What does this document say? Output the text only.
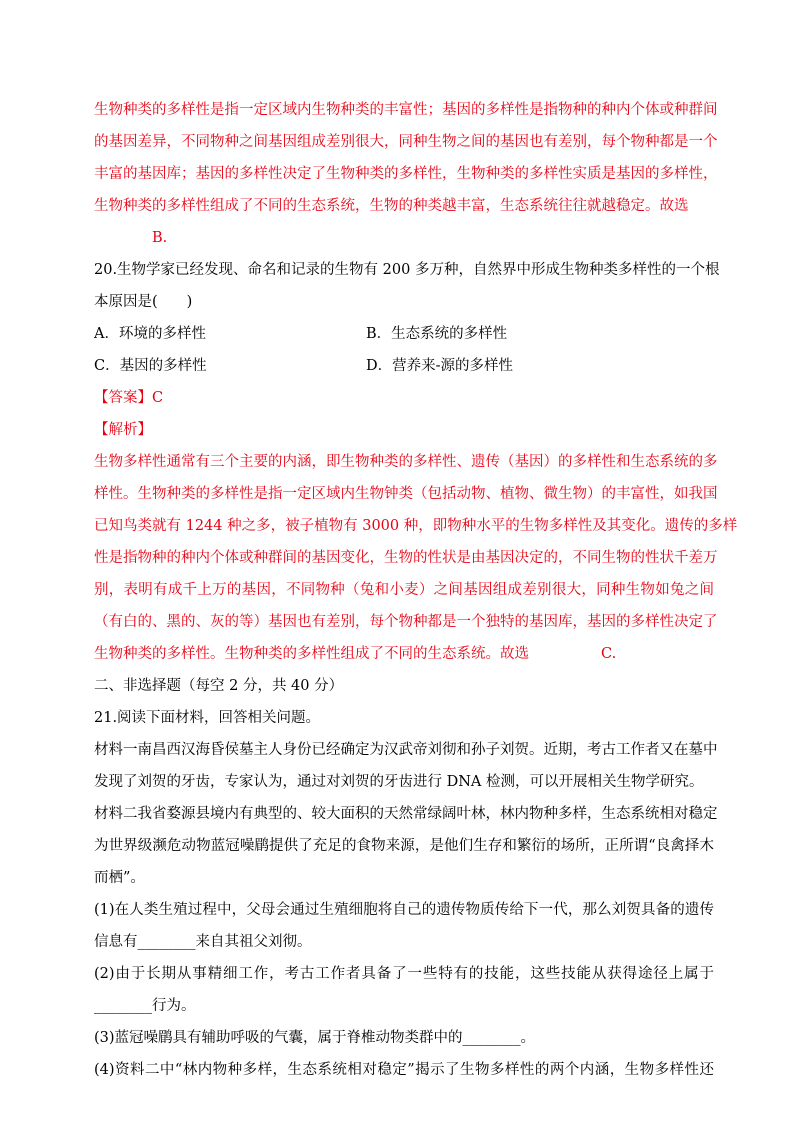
生物种类的多样性是指一定区域内生物种类的丰富性；基因的多样性是指物种的种内个体或种群间
的基因差异，不同物种之间基因组成差别很大，同种生物之间的基因也有差别，每个物种都是一个
丰富的基因库；基因的多样性决定了生物种类的多样性，生物种类的多样性实质是基因的多样性，
生物种类的多样性组成了不同的生态系统，生物的种类越丰富，生态系统往往就越稳定。故选
B.
20.生物学家已经发现、命名和记录的生物有 200 多万种，自然界中形成生物种类多样性的一个根
本原因是(　　)
A．环境的多样性	B．生态系统的多样性
C．基因的多样性	D．营养来-源的多样性
【答案】C
【解析】
生物多样性通常有三个主要的内涵，即生物种类的多样性、遗传（基因）的多样性和生态系统的多
样性。生物种类的多样性是指一定区域内生物钟类（包括动物、植物、微生物）的丰富性，如我国
已知鸟类就有 1244 种之多，被子植物有 3000 种，即物种水平的生物多样性及其变化。遗传的多样
性是指物种的种内个体或种群间的基因变化，生物的性状是由基因决定的，不同生物的性状千差万
别，表明有成千上万的基因，不同物种（兔和小麦）之间基因组成差别很大，同种生物如兔之间
（有白的、黑的、灰的等）基因也有差别，每个物种都是一个独特的基因库，基因的多样性决定了
生物种类的多样性。生物种类的多样性组成了不同的生态系统。故选	C.
二、非选择题（每空 2 分，共 40 分）
21.阅读下面材料，回答相关问题。
材料一南昌西汉海昏侯墓主人身份已经确定为汉武帝刘彻和孙子刘贺。近期，考古工作者又在墓中
发现了刘贺的牙齿，专家认为，通过对刘贺的牙齿进行 DNA 检测，可以开展相关生物学研究。
材料二我省婺源县境内有典型的、较大面积的天然常绿阔叶林，林内物种多样，生态系统相对稳定
为世界级濒危动物蓝冠噪鹛提供了充足的食物来源，是他们生存和繁衍的场所，正所谓“良禽择木
而栖”。
(1)在人类生殖过程中，父母会通过生殖细胞将自己的遗传物质传给下一代，那么刘贺具备的遗传
信息有________来自其祖父刘彻。
(2)由于长期从事精细工作，考古工作者具备了一些特有的技能，这些技能从获得途径上属于
________行为。
(3)蓝冠噪鹛具有辅助呼吸的气囊，属于脊椎动物类群中的________。
(4)资料二中“林内物种多样，生态系统相对稳定”揭示了生物多样性的两个内涵，生物多样性还
